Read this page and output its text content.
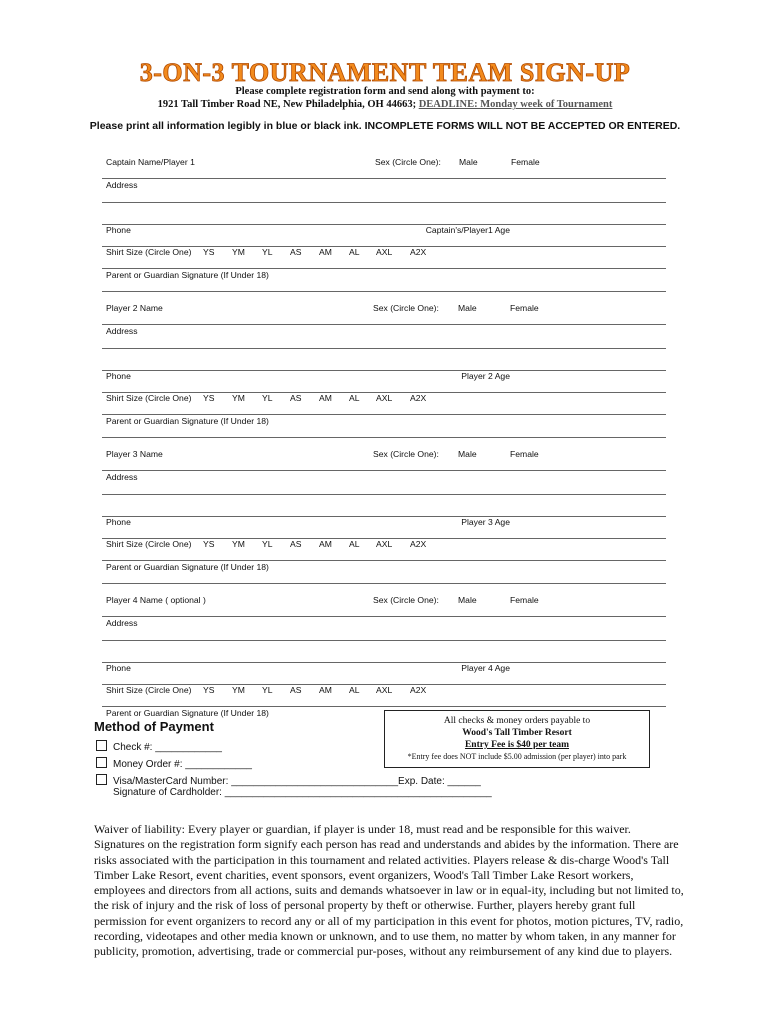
3-ON-3 TOURNAMENT TEAM SIGN-UP
Please complete registration form and send along with payment to:
1921 Tall Timber Road NE, New Philadelphia, OH 44663; DEADLINE: Monday week of Tournament
Please print all information legibly in blue or black ink. INCOMPLETE FORMS WILL NOT BE ACCEPTED OR ENTERED.
Captain Name/Player 1	Sex (Circle One): Male	Female
Address
Phone	Captain's/Player1 Age
Shirt Size (Circle One) YS YM YL AS AM AL AXL A2X
Parent or Guardian Signature (If Under 18)
Player 2 Name	Sex (Circle One): Male	Female
Address
Phone	Player 2 Age
Shirt Size (Circle One) YS YM YL AS AM AL AXL A2X
Parent or Guardian Signature (If Under 18)
Player 3 Name	Sex (Circle One): Male	Female
Address
Phone	Player 3 Age
Shirt Size (Circle One) YS YM YL AS AM AL AXL A2X
Parent or Guardian Signature (If Under 18)
Player 4 Name ( optional )	Sex (Circle One): Male	Female
Address
Phone	Player 4 Age
Shirt Size (Circle One) YS YM YL AS AM AL AXL A2X
Parent or Guardian Signature (If Under 18)
Method of Payment
Check #: ____________
Money Order #: ____________
Visa/MasterCard Number: ______________________________Exp. Date: ______
Signature of Cardholder: ________________________________________________
All checks & money orders payable to
Wood's Tall Timber Resort
Entry Fee is $40 per team
*Entry fee does NOT include $5.00 admission (per player) into park

Waiver of liability: Every player or guardian, if player is under 18, must read and be responsible for this waiver. Signatures on the registration form signify each person has read and understands and abides by the information. There are risks associated with the participation in this tournament and related activities. Players release & dis-charge Wood's Tall Timber Lake Resort, event charities, event sponsors, event organizers, Wood's Tall Timber Lake Resort workers, employees and directors from all actions, suits and demands whatsoever in law or in equal-ity, including but not limited to, the risk of injury and the risk of loss of personal property by theft or otherwise. Further, players hereby grant full permission for event organizers to record any or all of my participation in this event for photos, motion pictures, TV, radio, recording, videotapes and other media known or unknown, and to use them, no matter by whom taken, in any manner for publicity, promotion, advertising, trade or commercial pur-poses, without any reimbursement of any kind due to players.
